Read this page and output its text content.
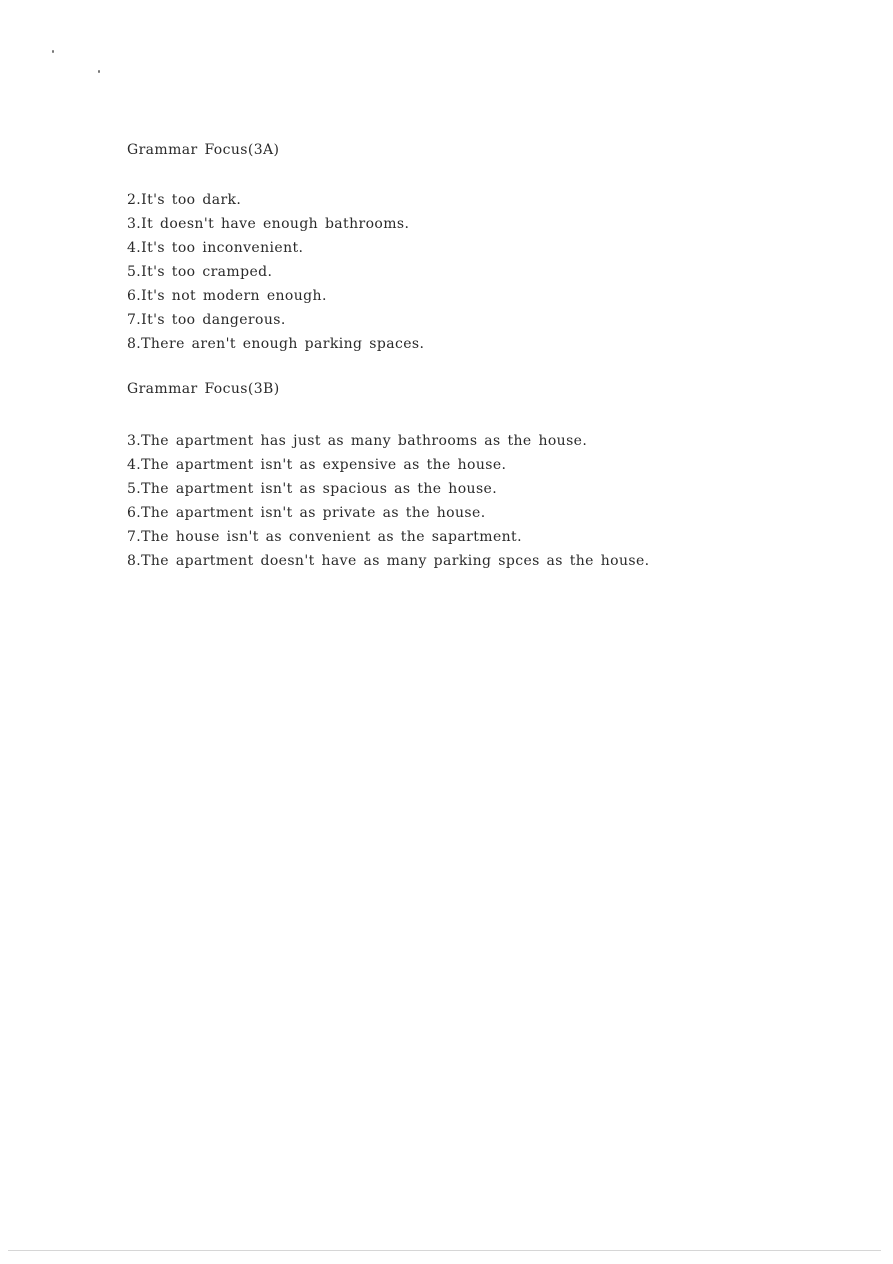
Grammar Focus(3A)
2.It's too dark.
3.It doesn't have enough bathrooms.
4.It's too inconvenient.
5.It's too cramped.
6.It's not modern enough.
7.It's too dangerous.
8.There aren't enough parking spaces.
Grammar Focus(3B)
3.The apartment has just as many bathrooms as the house.
4.The apartment isn't as expensive as the house.
5.The apartment isn't as spacious as the house.
6.The apartment isn't as private as the house.
7.The house isn't as convenient as the sapartment.
8.The apartment doesn't have as many parking spces as the house.
